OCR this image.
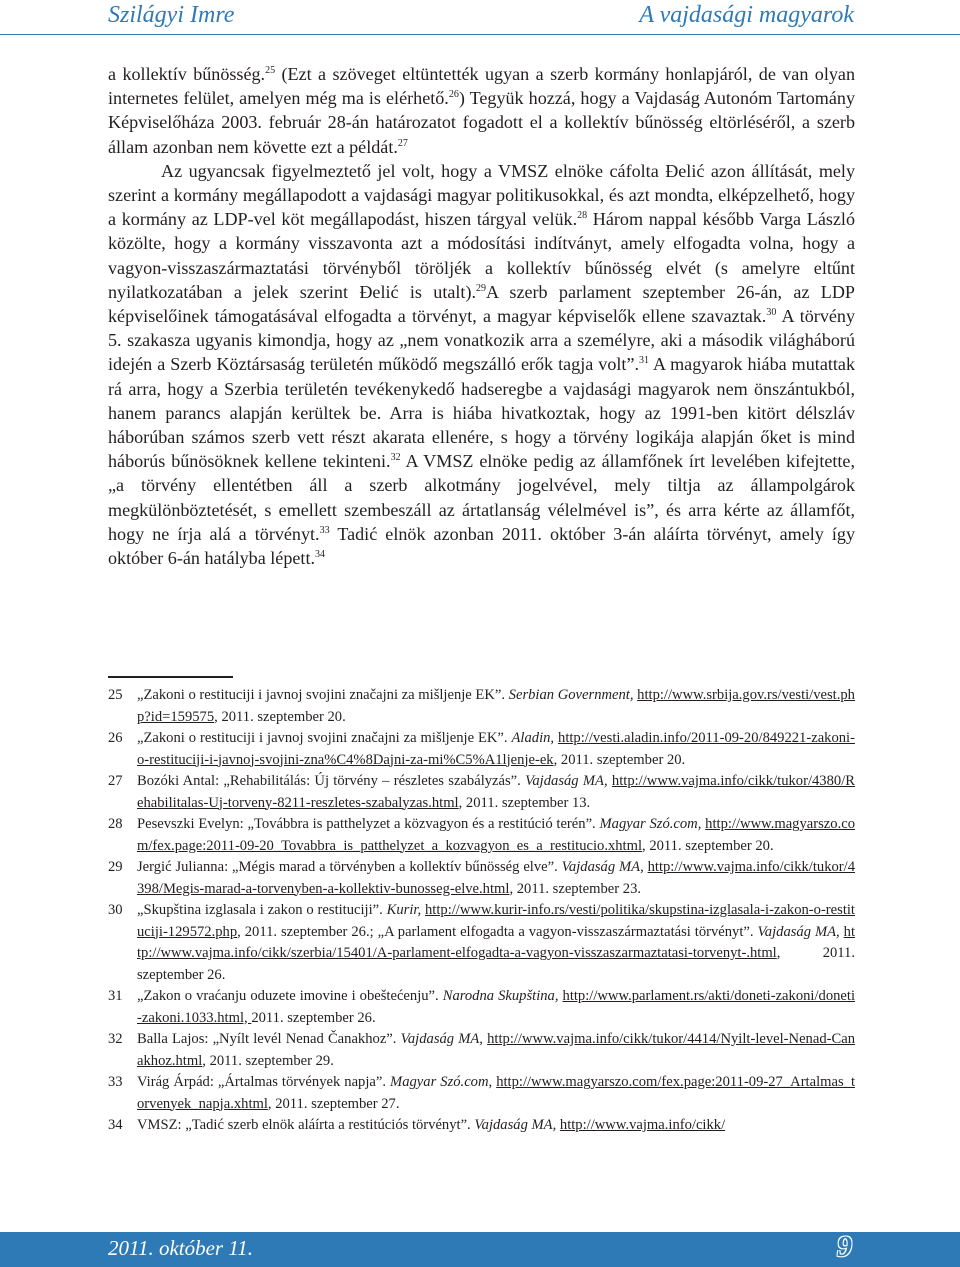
Szilágyi Imre	A vajdasági magyarok

a kollektív bűnösség.$^{25}$ (Ezt a szöveget eltüntették ugyan a szerb kormány honlapjáról, de van olyan internetes felület, amelyen még ma is elérhető.$^{26}$) Tegyük hozzá, hogy a Vajdaság Autonóm Tartomány Képviselőháza 2003. február 28-án határozatot fogadott el a kollektív bűnösség eltörléséről, a szerb állam azonban nem követte ezt a példát.$^{27}$

Az ugyancsak figyelmeztető jel volt, hogy a VMSZ elnöke cáfolta Đelić azon állítását, mely szerint a kormány megállapodott a vajdasági magyar politikusokkal, és azt mondta, elképzelhető, hogy a kormány az LDP-vel köt megállapodást, hiszen tárgyal velük.$^{28}$ Három nappal később Varga László közölte, hogy a kormány visszavonta azt a módosítási indítványt, amely elfogadta volna, hogy a vagyon-visszaszármaztatási törvényből töröljék a kollektív bűnösség elvét (s amelyre eltűnt nyilatkozatában a jelek szerint Đelić is utalt).$^{29}$A szerb parlament szeptember 26-án, az LDP képviselőinek támogatásával elfogadta a törvényt, a magyar képviselők ellene szavaztak.$^{30}$ A törvény 5. szakasza ugyanis kimondja, hogy az „nem vonatkozik arra a személyre, aki a második világháború idején a Szerb Köztársaság területén működő megszálló erők tagja volt”.$^{31}$ A magyarok hiába mutattak rá arra, hogy a Szerbia területén tevékenykedő hadseregbe a vajdasági magyarok nem önszántukból, hanem parancs alapján kerültek be. Arra is hiába hivatkoztak, hogy az 1991-ben kitört délszláv háborúban számos szerb vett részt akarata ellenére, s hogy a törvény logikája alapján őket is mind háborús bűnösöknek kellene tekinteni.$^{32}$ A VMSZ elnöke pedig az államfőnek írt levelében kifejtette, „a törvény ellentétben áll a szerb alkotmány jogelvével, mely tiltja az állampolgárok megkülönböztetését, s emellett szembeszáll az ártatlanság vélelmével is”, és arra kérte az államfőt, hogy ne írja alá a törvényt.$^{33}$ Tadić elnök azonban 2011. október 3-án aláírta törvényt, amely így október 6-án hatályba lépett.$^{34}$

25 „Zakoni o restituciji i javnoj svojini značajni za mišljenje EK”. Serbian Government, http://www.srbija.gov.rs/vesti/vest.php?id=159575, 2011. szeptember 20.

26 „Zakoni o restituciji i javnoj svojini značajni za mišljenje EK”. Aladin, http://vesti.aladin.info/2011-09-20/849221-zakoni-o-restituciji-i-javnoj-svojini-zna%C4%8Dajni-za-mi%C5%A1ljenje-ek, 2011. szeptember 20.

27 Bozóki Antal: „Rehabilitálás: Új törvény – részletes szabályzás”. Vajdaság MA, http://www.vajma.info/cikk/tukor/4380/Rehabilitalas-Uj-torveny-8211-reszletes-szabalyzas.html, 2011. szeptember 13.

28 Pesevszki Evelyn: „Továbbra is patthelyzet a közvagyon és a restitúció terén”. Magyar Szó.com, http://www.magyarszo.com/fex.page:2011-09-20_Tovabbra_is_patthelyzet_a_kozvagyon_es_a_restitucio.xhtml, 2011. szeptember 20.

29 Jergić Julianna: „Mégis marad a törvényben a kollektív bűnösség elve”. Vajdaság MA, http://www.vajma.info/cikk/tukor/4398/Megis-marad-a-torvenyben-a-kollektiv-bunosseg-elve.html, 2011. szeptember 23.

30 „Skupština izglasala i zakon o restituciji”. Kurir, http://www.kurir-info.rs/vesti/politika/skupstina-izglasala-i-zakon-o-restituciji-129572.php, 2011. szeptember 26.; „A parlament elfogadta a vagyon-visszaszármaztatási törvényt”. Vajdaság MA, http://www.vajma.info/cikk/szerbia/15401/A-parlament-elfogadta-a-vagyon-visszaszarmaztatasi-torvenyt-.html, 2011. szeptember 26.

31 „Zakon o vraćanju oduzete imovine i obeštećenju”. Narodna Skupština, http://www.parlament.rs/akti/doneti-zakoni/doneti-zakoni.1033.html, 2011. szeptember 26.

32 Balla Lajos: „Nyílt levél Nenad Čanakhoz”. Vajdaság MA, http://www.vajma.info/cikk/tukor/4414/Nyilt-level-Nenad-Canakhoz.html, 2011. szeptember 29.

33 Virág Árpád: „Ártalmas törvények napja”. Magyar Szó.com, http://www.magyarszo.com/fex.page:2011-09-27_Artalmas_torvenyek_napja.xhtml, 2011. szeptember 27.

34 VMSZ: „Tadić szerb elnök aláírta a restitúciós törvényt”. Vajdaság MA, http://www.vajma.info/cikk/

2011. október 11.	9
